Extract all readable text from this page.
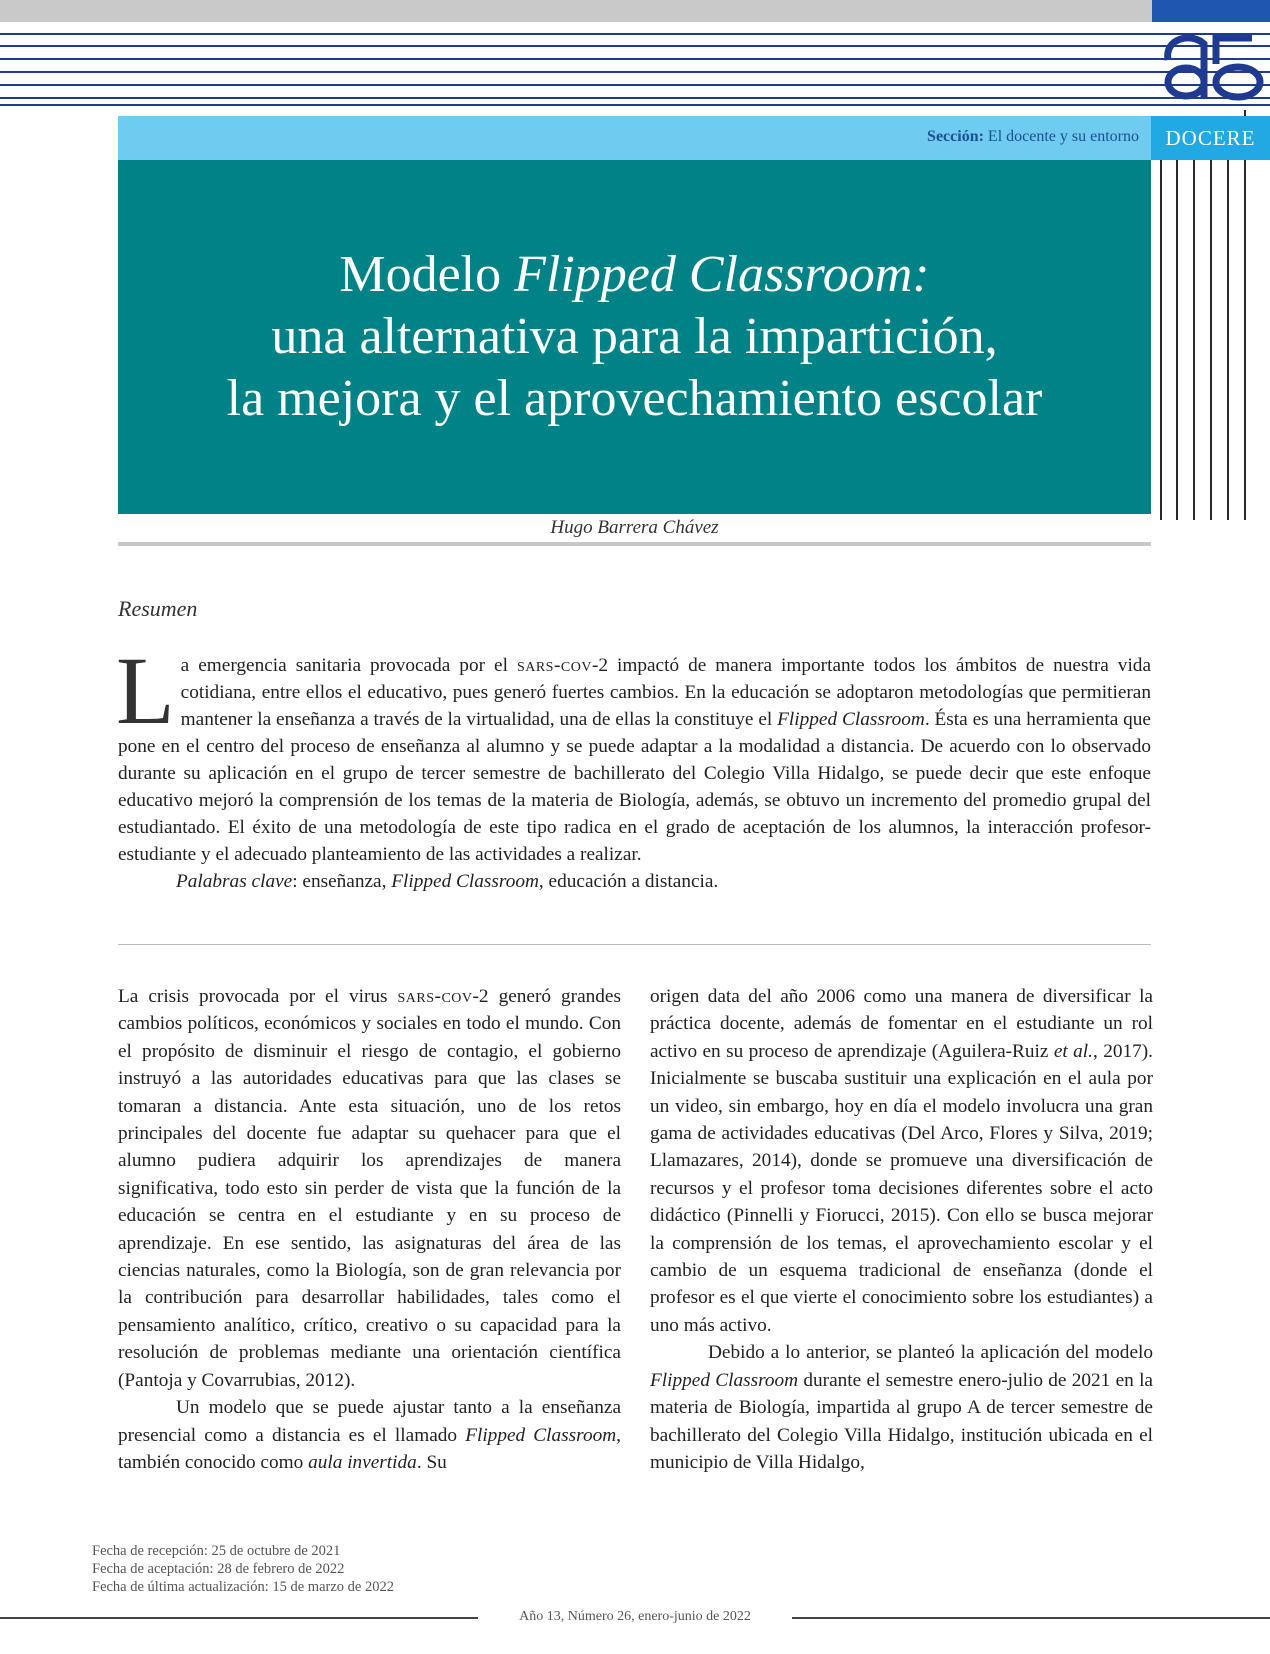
Sección: El docente y su entorno	DOCERE
Modelo Flipped Classroom:
una alternativa para la impartición,
la mejora y el aprovechamiento escolar
Hugo Barrera Chávez
Resumen

La emergencia sanitaria provocada por el sars-cov-2 impactó de manera importante todos los ámbitos de nuestra vida cotidiana, entre ellos el educativo, pues generó fuertes cambios. En la educación se adoptaron metodologías que permitieran mantener la enseñanza a través de la virtualidad, una de ellas la constituye el Flipped Classroom. Ésta es una herramienta que pone en el centro del proceso de enseñanza al alumno y se puede adaptar a la modalidad a distancia. De acuerdo con lo observado durante su aplicación en el grupo de tercer semestre de bachillerato del Colegio Villa Hidalgo, se puede decir que este enfoque educativo mejoró la comprensión de los temas de la materia de Biología, además, se obtuvo un incremento del promedio grupal del estudiantado. El éxito de una metodología de este tipo radica en el grado de aceptación de los alumnos, la interacción profesor-estudiante y el adecuado planteamiento de las actividades a realizar.

Palabras clave: enseñanza, Flipped Classroom, educación a distancia.

La crisis provocada por el virus sars-cov-2 generó grandes cambios políticos, económicos y sociales en todo el mundo. Con el propósito de disminuir el riesgo de contagio, el gobierno instruyó a las autoridades educativas para que las clases se tomaran a distancia. Ante esta situación, uno de los retos principales del docente fue adaptar su quehacer para que el alumno pudiera adquirir los aprendizajes de manera significativa, todo esto sin perder de vista que la función de la educación se centra en el estudiante y en su proceso de aprendizaje. En ese sentido, las asignaturas del área de las ciencias naturales, como la Biología, son de gran relevancia por la contribución para desarrollar habilidades, tales como el pensamiento analítico, crítico, creativo o su capacidad para la resolución de problemas mediante una orientación científica (Pantoja y Covarrubias, 2012).

Un modelo que se puede ajustar tanto a la enseñanza presencial como a distancia es el llamado Flipped Classroom, también conocido como aula invertida. Su

origen data del año 2006 como una manera de diversificar la práctica docente, además de fomentar en el estudiante un rol activo en su proceso de aprendizaje (Aguilera-Ruiz et al., 2017). Inicialmente se buscaba sustituir una explicación en el aula por un video, sin embargo, hoy en día el modelo involucra una gran gama de actividades educativas (Del Arco, Flores y Silva, 2019; Llamazares, 2014), donde se promueve una diversificación de recursos y el profesor toma decisiones diferentes sobre el acto didáctico (Pinnelli y Fiorucci, 2015). Con ello se busca mejorar la comprensión de los temas, el aprovechamiento escolar y el cambio de un esquema tradicional de enseñanza (donde el profesor es el que vierte el conocimiento sobre los estudiantes) a uno más activo.

Debido a lo anterior, se planteó la aplicación del modelo Flipped Classroom durante el semestre enero-julio de 2021 en la materia de Biología, impartida al grupo A de tercer semestre de bachillerato del Colegio Villa Hidalgo, institución ubicada en el municipio de Villa Hidalgo,

Fecha de recepción: 25 de octubre de 2021
Fecha de aceptación: 28 de febrero de 2022
Fecha de última actualización: 15 de marzo de 2022
Año 13, Número 26, enero-junio de 2022
